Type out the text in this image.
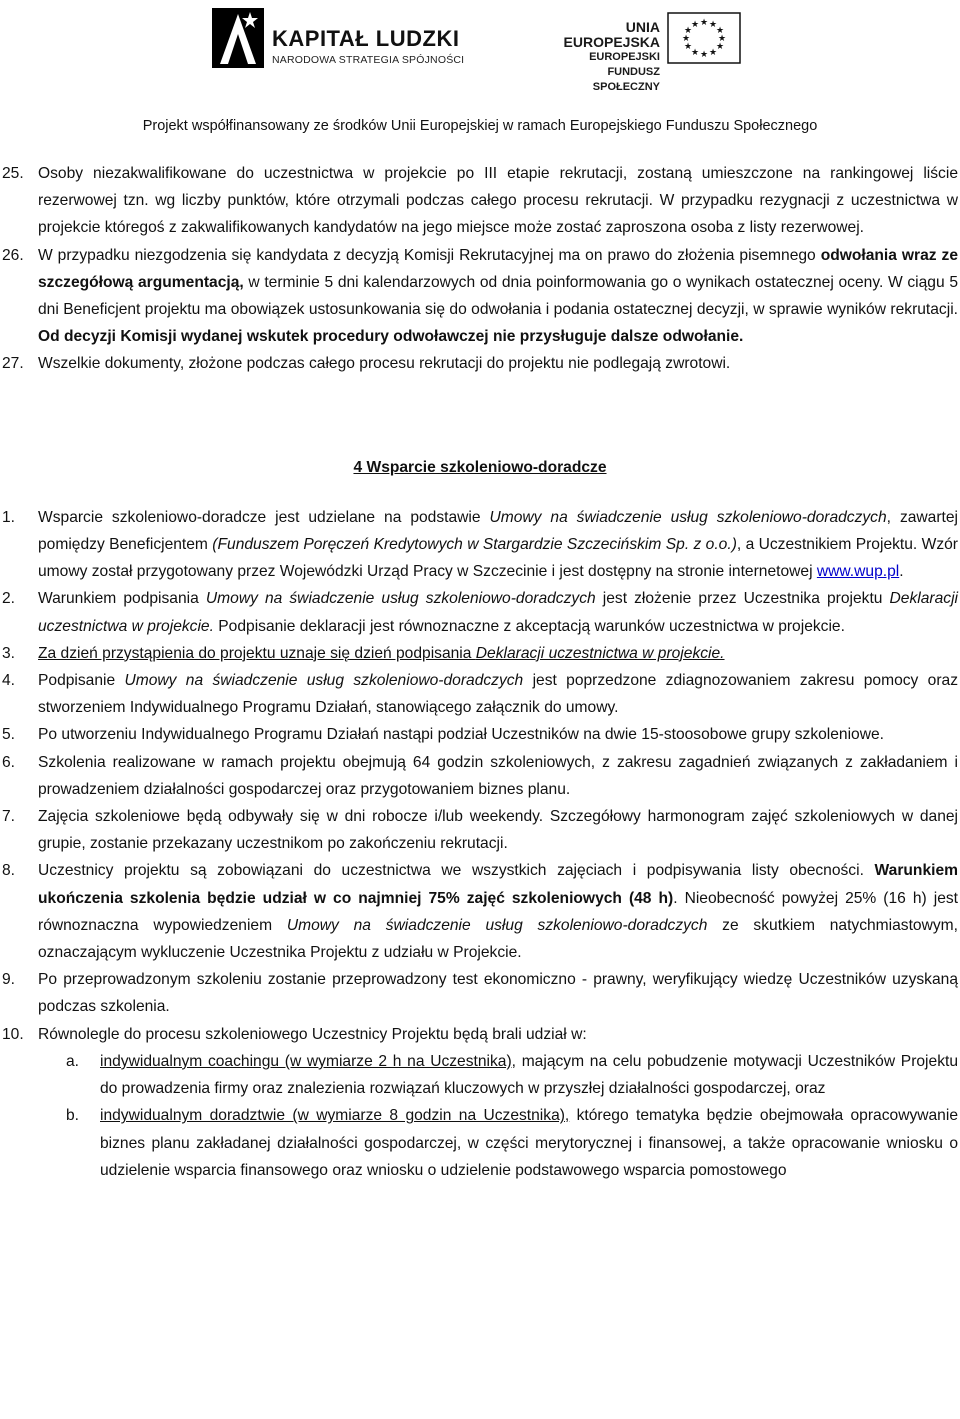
KAPITAŁ LUDZKI
NARODOWA STRATEGIA SPÓJNOŚCI
UNIA EUROPEJSKA
EUROPEJSKI
FUNDUSZ SPOŁECZNY
★ ★
★
★
★
★
★
★
★
★
★
★
Projekt współfinansowany ze środków Unii Europejskiej w ramach Europejskiego Funduszu Społecznego
25. Osoby niezakwalifikowane do uczestnictwa w projekcie po III etapie rekrutacji, zostaną umieszczone na rankingowej liście rezerwowej tzn. wg liczby punktów, które otrzymali podczas całego procesu rekrutacji. W przypadku rezygnacji z uczestnictwa w projekcie któregoś z zakwalifikowanych kandydatów na jego miejsce może zostać zaproszona osoba z listy rezerwowej.
26. W przypadku niezgodzenia się kandydata z decyzją Komisji Rekrutacyjnej ma on prawo do złożenia pisemnego odwołania wraz ze szczegółową argumentacją, w terminie 5 dni kalendarzowych od dnia poinformowania go o wynikach ostatecznej oceny. W ciągu 5 dni Beneficjent projektu ma obowiązek ustosunkowania się do odwołania i podania ostatecznej decyzji, w sprawie wyników rekrutacji. Od decyzji Komisji wydanej wskutek procedury odwoławczej nie przysługuje dalsze odwołanie.
27. Wszelkie dokumenty, złożone podczas całego procesu rekrutacji do projektu nie podlegają zwrotowi.
4 Wsparcie szkoleniowo-doradcze
1. Wsparcie szkoleniowo-doradcze jest udzielane na podstawie Umowy na świadczenie usług szkoleniowo-doradczych, zawartej pomiędzy Beneficjentem (Funduszem Poręczeń Kredytowych w Stargardzie Szczecińskim Sp. z o.o.), a Uczestnikiem Projektu. Wzór umowy został przygotowany przez Wojewódzki Urząd Pracy w Szczecinie i jest dostępny na stronie internetowej www.wup.pl.
2. Warunkiem podpisania Umowy na świadczenie usług szkoleniowo-doradczych jest złożenie przez Uczestnika projektu Deklaracji uczestnictwa w projekcie. Podpisanie deklaracji jest równoznaczne z akceptacją warunków uczestnictwa w projekcie.
3. Za dzień przystąpienia do projektu uznaje się dzień podpisania Deklaracji uczestnictwa w projekcie.
4. Podpisanie Umowy na świadczenie usług szkoleniowo-doradczych jest poprzedzone zdiagnozowaniem zakresu pomocy oraz stworzeniem Indywidualnego Programu Działań, stanowiącego załącznik do umowy.
5. Po utworzeniu Indywidualnego Programu Działań nastąpi podział Uczestników na dwie 15-stoosobowe grupy szkoleniowe.
6. Szkolenia realizowane w ramach projektu obejmują 64 godzin szkoleniowych, z zakresu zagadnień związanych z zakładaniem i prowadzeniem działalności gospodarczej oraz przygotowaniem biznes planu.
7. Zajęcia szkoleniowe będą odbywały się w dni robocze i/lub weekendy. Szczegółowy harmonogram zajęć szkoleniowych w danej grupie, zostanie przekazany uczestnikom po zakończeniu rekrutacji.
8. Uczestnicy projektu są zobowiązani do uczestnictwa we wszystkich zajęciach i podpisywania listy obecności. Warunkiem ukończenia szkolenia będzie udział w co najmniej 75% zajęć szkoleniowych (48 h). Nieobecność powyżej 25% (16 h) jest równoznaczna wypowiedzeniem Umowy na świadczenie usług szkoleniowo-doradczych ze skutkiem natychmiastowym, oznaczającym wykluczenie Uczestnika Projektu z udziału w Projekcie.
9. Po przeprowadzonym szkoleniu zostanie przeprowadzony test ekonomiczno - prawny, weryfikujący wiedzę Uczestników uzyskaną podczas szkolenia.
10. Równolegle do procesu szkoleniowego Uczestnicy Projektu będą brali udział w:
a. indywidualnym coachingu (w wymiarze 2 h na Uczestnika), mającym na celu pobudzenie motywacji Uczestników Projektu do prowadzenia firmy oraz znalezienia rozwiązań kluczowych w przyszłej działalności gospodarczej, oraz
b. indywidualnym doradztwie (w wymiarze 8 godzin na Uczestnika), którego tematyka będzie obejmowała opracowywanie biznes planu zakładanej działalności gospodarczej, w części merytorycznej i finansowej, a także opracowanie wniosku o udzielenie wsparcia finansowego oraz wniosku o udzielenie podstawowego wsparcia pomostowego
